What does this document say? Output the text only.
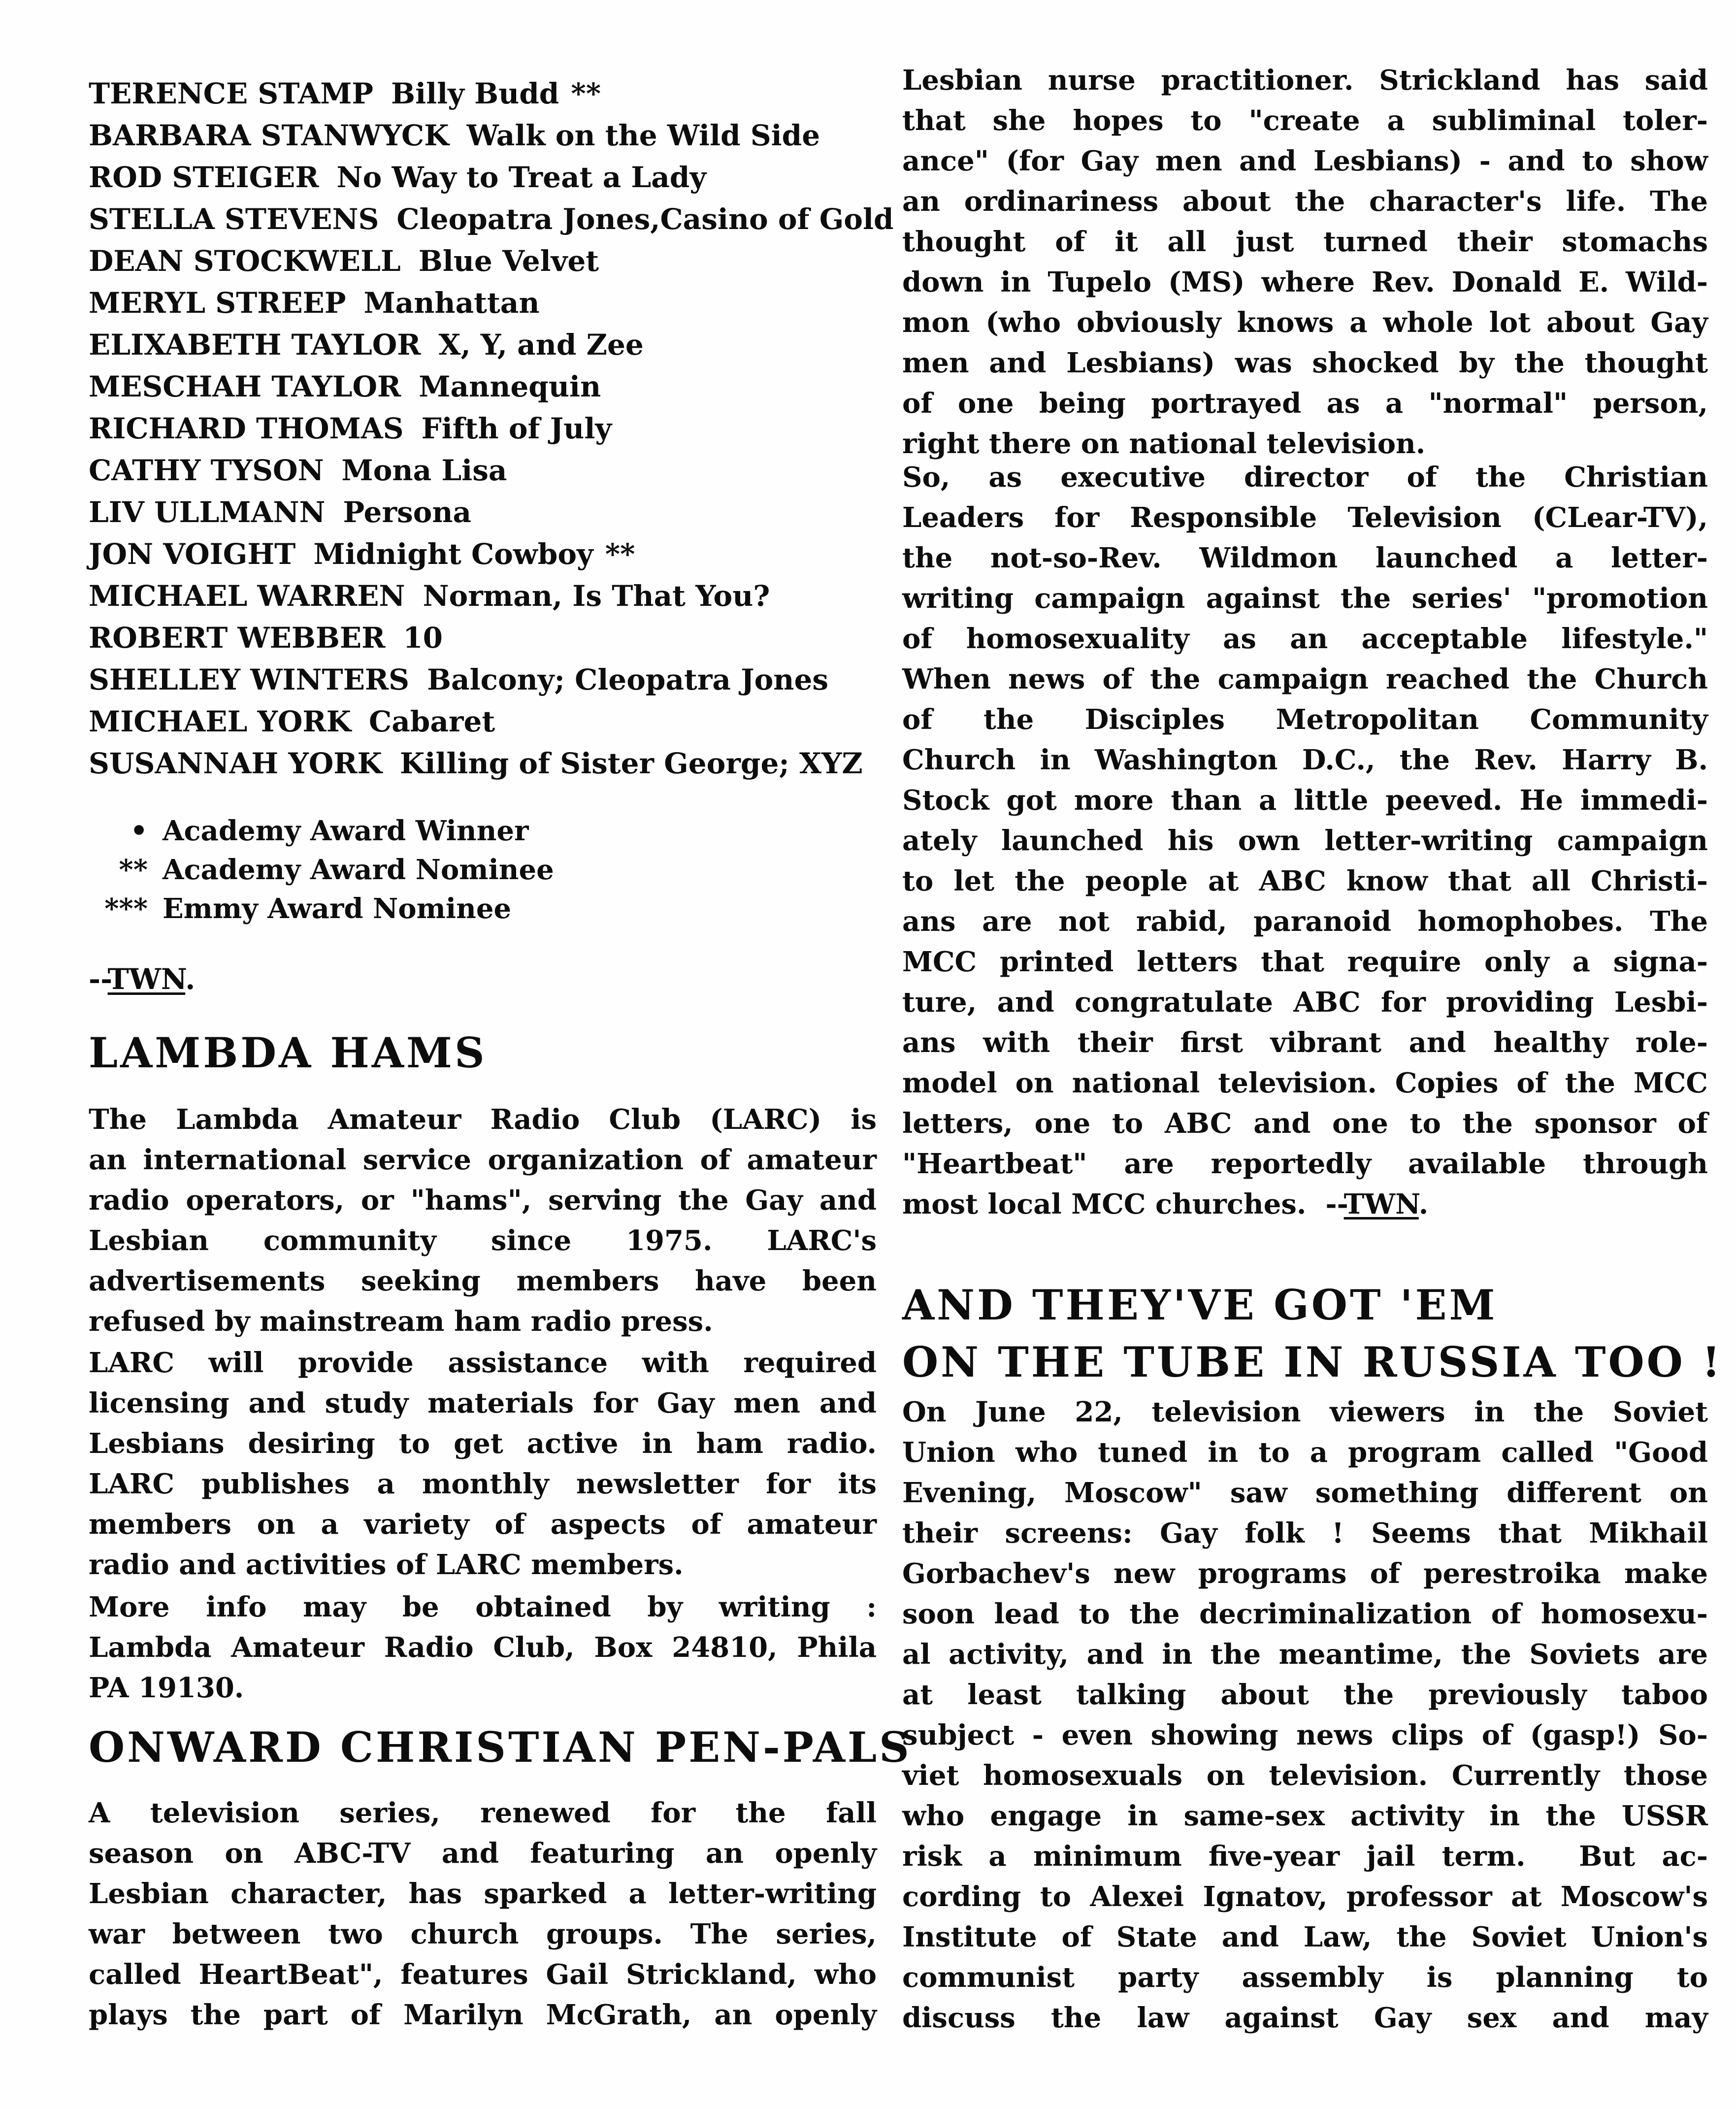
TERENCE STAMP Billy Budd **
BARBARA STANWYCK Walk on the Wild Side
ROD STEIGER No Way to Treat a Lady
STELLA STEVENS Cleopatra Jones,Casino of Gold
DEAN STOCKWELL Blue Velvet
MERYL STREEP Manhattan
ELIXABETH TAYLOR X, Y, and Zee
MESCHAH TAYLOR Mannequin
RICHARD THOMAS Fifth of July
CATHY TYSON Mona Lisa
LIV ULLMANN Persona
JON VOIGHT Midnight Cowboy **
MICHAEL WARREN Norman, Is That You?
ROBERT WEBBER 10
SHELLEY WINTERS Balcony; Cleopatra Jones
MICHAEL YORK Cabaret
SUSANNAH YORK Killing of Sister George; XYZ
• Academy Award Winner
** Academy Award Nominee
*** Emmy Award Nominee
--TWN.
LAMBDA HAMS
The Lambda Amateur Radio Club (LARC) is
an international service organization of amateur
radio operators, or "hams", serving the Gay and
Lesbian community since 1975. LARC's
advertisements seeking members have been
refused by mainstream ham radio press.
LARC will provide assistance with required
licensing and study materials for Gay men and
Lesbians desiring to get active in ham radio.
LARC publishes a monthly newsletter for its
members on a variety of aspects of amateur
radio and activities of LARC members.
More info may be obtained by writing :
Lambda Amateur Radio Club, Box 24810, Phila
PA 19130.
ONWARD CHRISTIAN PEN-PALS
A television series, renewed for the fall
season on ABC-TV and featuring an openly
Lesbian character, has sparked a letter-writing
war between two church groups. The series,
called HeartBeat", features Gail Strickland, who
plays the part of Marilyn McGrath, an openly
Lesbian nurse practitioner. Strickland has said
that she hopes to "create a subliminal toler-
ance" (for Gay men and Lesbians) - and to show
an ordinariness about the character's life. The
thought of it all just turned their stomachs
down in Tupelo (MS) where Rev. Donald E. Wild-
mon (who obviously knows a whole lot about Gay
men and Lesbians) was shocked by the thought
of one being portrayed as a "normal" person,
right there on national television.
So, as executive director of the Christian
Leaders for Responsible Television (CLear-TV),
the not-so-Rev. Wildmon launched a letter-
writing campaign against the series' "promotion
of homosexuality as an acceptable lifestyle."
When news of the campaign reached the Church
of the Disciples Metropolitan Community
Church in Washington D.C., the Rev. Harry B.
Stock got more than a little peeved. He immedi-
ately launched his own letter-writing campaign
to let the people at ABC know that all Christi-
ans are not rabid, paranoid homophobes. The
MCC printed letters that require only a signa-
ture, and congratulate ABC for providing Lesbi-
ans with their first vibrant and healthy role-
model on national television. Copies of the MCC
letters, one to ABC and one to the sponsor of
"Heartbeat" are reportedly available through
most local MCC churches.  --TWN.
AND THEY'VE GOT 'EM
ON THE TUBE IN RUSSIA TOO !
On June 22, television viewers in the Soviet
Union who tuned in to a program called "Good
Evening, Moscow" saw something different on
their screens: Gay folk ! Seems that Mikhail
Gorbachev's new programs of perestroika make
soon lead to the decriminalization of homosexu-
al activity, and in the meantime, the Soviets are
at least talking about the previously taboo
subject - even showing news clips of (gasp!) So-
viet homosexuals on television. Currently those
who engage in same-sex activity in the USSR
risk a minimum five-year jail term.  But ac-
cording to Alexei Ignatov, professor at Moscow's
Institute of State and Law, the Soviet Union's
communist party assembly is planning to
discuss the law against Gay sex and may
